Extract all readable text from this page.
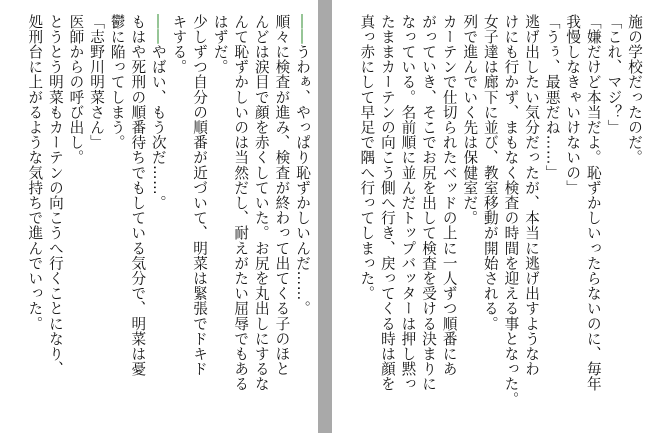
――うわぁ、やっぱり恥ずかしいんだ……。
順々に検査が進み、検査が終わって出てくる子のほと
んどは涙目で顔を赤くしていた。お尻を丸出しにするな
んて恥ずかしいのは当然だし、耐えがたい屈辱でもある
はずだ。
少しずつ自分の順番が近づいて、明菜は緊張でドキド
キする。
――やばい、もう次だ……。
もはや死刑の順番待ちでもしている気分で、明菜は憂
鬱に陥ってしまう。
「志野川明菜さん」
医師からの呼び出し。
とうとう明菜もカーテンの向こうへ行くことになり、
処刑台に上がるような気持ちで進んでいった。	施の学校だったのだ。
「これ、マジ？」
「嫌だけど本当だよ。恥ずかしいったらないのに、毎年
我慢しなきゃいけないの」
「うぅ、最悪だね……」
逃げ出したい気分だったが、本当に逃げ出すようなわ
けにも行かず、まもなく検査の時間を迎える事となった。
女子達は廊下に並び、教室移動が開始される。
列で進んでいく先は保健室だ。
カーテンで仕切られたベッドの上に一人ずつ順番にあ
がっていき、そこでお尻を出して検査を受ける決まりに
なっている。名前順に並んだトップバッターは押し黙っ
たままカーテンの向こう側へ行き、戻ってくる時は顔を
真っ赤にして早足で隅へ行ってしまった。
